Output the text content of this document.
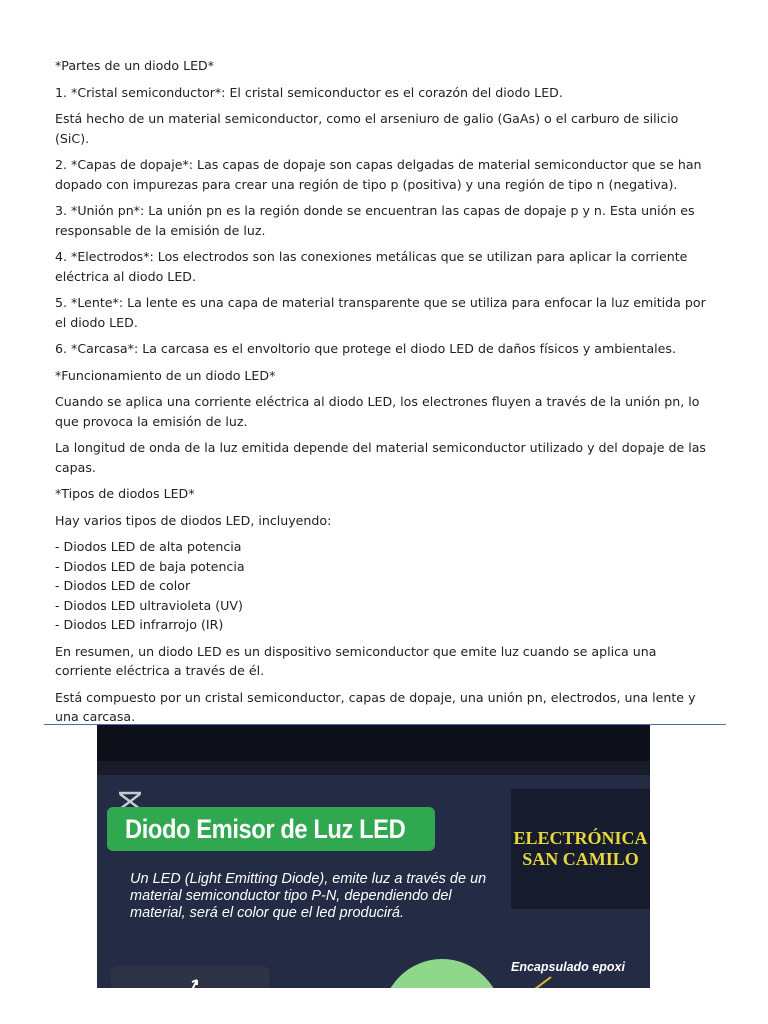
*Partes de un diodo LED*

1. *Cristal semiconductor*: El cristal semiconductor es el corazón del diodo LED.

Está hecho de un material semiconductor, como el arseniuro de galio (GaAs) o el carburo de silicio (SiC).

2. *Capas de dopaje*: Las capas de dopaje son capas delgadas de material semiconductor que se han dopado con impurezas para crear una región de tipo p (positiva) y una región de tipo n (negativa).

3. *Unión pn*: La unión pn es la región donde se encuentran las capas de dopaje p y n. Esta unión es responsable de la emisión de luz.

4. *Electrodos*: Los electrodos son las conexiones metálicas que se utilizan para aplicar la corriente eléctrica al diodo LED.

5. *Lente*: La lente es una capa de material transparente que se utiliza para enfocar la luz emitida por el diodo LED.

6. *Carcasa*: La carcasa es el envoltorio que protege el diodo LED de daños físicos y ambientales.

*Funcionamiento de un diodo LED*

Cuando se aplica una corriente eléctrica al diodo LED, los electrones fluyen a través de la unión pn, lo que provoca la emisión de luz.

La longitud de onda de la luz emitida depende del material semiconductor utilizado y del dopaje de las capas.

*Tipos de diodos LED*

Hay varios tipos de diodos LED, incluyendo:

- Diodos LED de alta potencia
- Diodos LED de baja potencia
- Diodos LED de color
- Diodos LED ultravioleta (UV)
- Diodos LED infrarrojo (IR)

En resumen, un diodo LED es un dispositivo semiconductor que emite luz cuando se aplica una corriente eléctrica a través de él.

Está compuesto por un cristal semiconductor, capas de dopaje, una unión pn, electrodos, una lente y una carcasa.

Diodo Emisor de Luz LED	ELECTRÓNICA
SAN CAMILO
Un LED (Light Emitting Diode), emite luz a través de un material semiconductor tipo P-N, dependiendo del material, será el color que el led producirá.
Encapsulado epoxi
